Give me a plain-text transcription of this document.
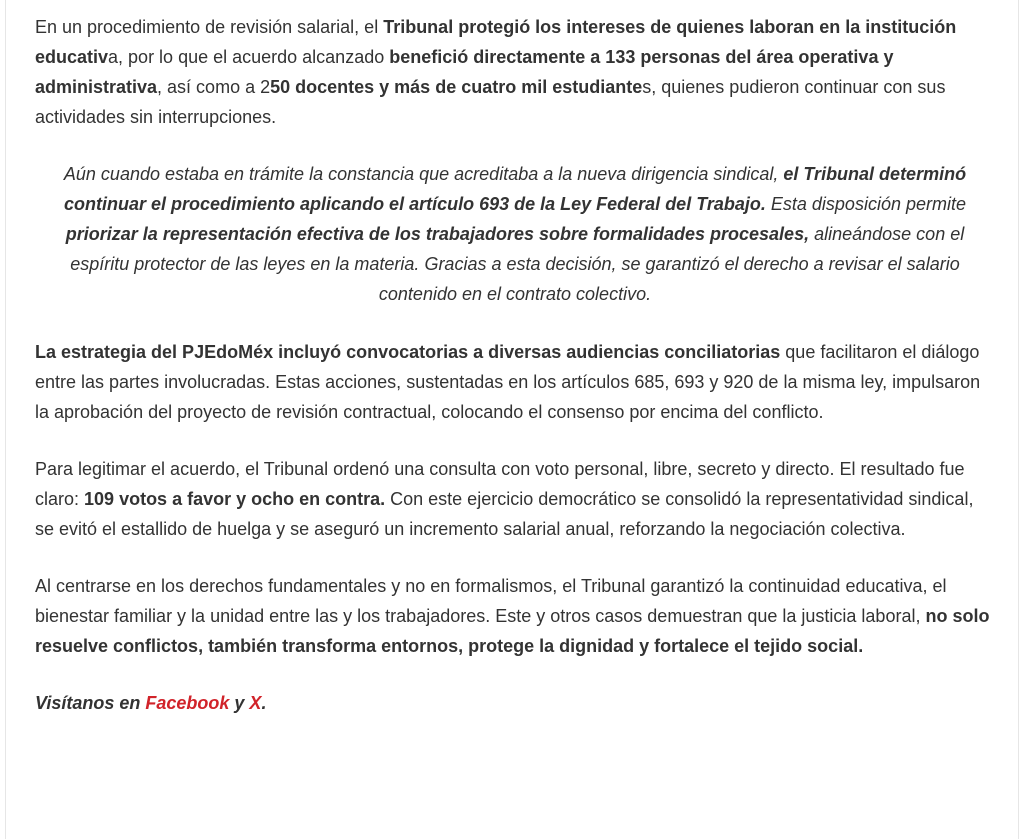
En un procedimiento de revisión salarial, el Tribunal protegió los intereses de quienes laboran en la institución educativa, por lo que el acuerdo alcanzado benefició directamente a 133 personas del área operativa y administrativa, así como a 250 docentes y más de cuatro mil estudiantes, quienes pudieron continuar con sus actividades sin interrupciones.

Aún cuando estaba en trámite la constancia que acreditaba a la nueva dirigencia sindical, el Tribunal determinó continuar el procedimiento aplicando el artículo 693 de la Ley Federal del Trabajo. Esta disposición permite priorizar la representación efectiva de los trabajadores sobre formalidades procesales, alineándose con el espíritu protector de las leyes en la materia. Gracias a esta decisión, se garantizó el derecho a revisar el salario contenido en el contrato colectivo.

La estrategia del PJEdoMéx incluyó convocatorias a diversas audiencias conciliatorias que facilitaron el diálogo entre las partes involucradas. Estas acciones, sustentadas en los artículos 685, 693 y 920 de la misma ley, impulsaron la aprobación del proyecto de revisión contractual, colocando el consenso por encima del conflicto.

Para legitimar el acuerdo, el Tribunal ordenó una consulta con voto personal, libre, secreto y directo. El resultado fue claro: 109 votos a favor y ocho en contra. Con este ejercicio democrático se consolidó la representatividad sindical, se evitó el estallido de huelga y se aseguró un incremento salarial anual, reforzando la negociación colectiva.

Al centrarse en los derechos fundamentales y no en formalismos, el Tribunal garantizó la continuidad educativa, el bienestar familiar y la unidad entre las y los trabajadores. Este y otros casos demuestran que la justicia laboral, no solo resuelve conflictos, también transforma entornos, protege la dignidad y fortalece el tejido social.

Visítanos en Facebook y X.
